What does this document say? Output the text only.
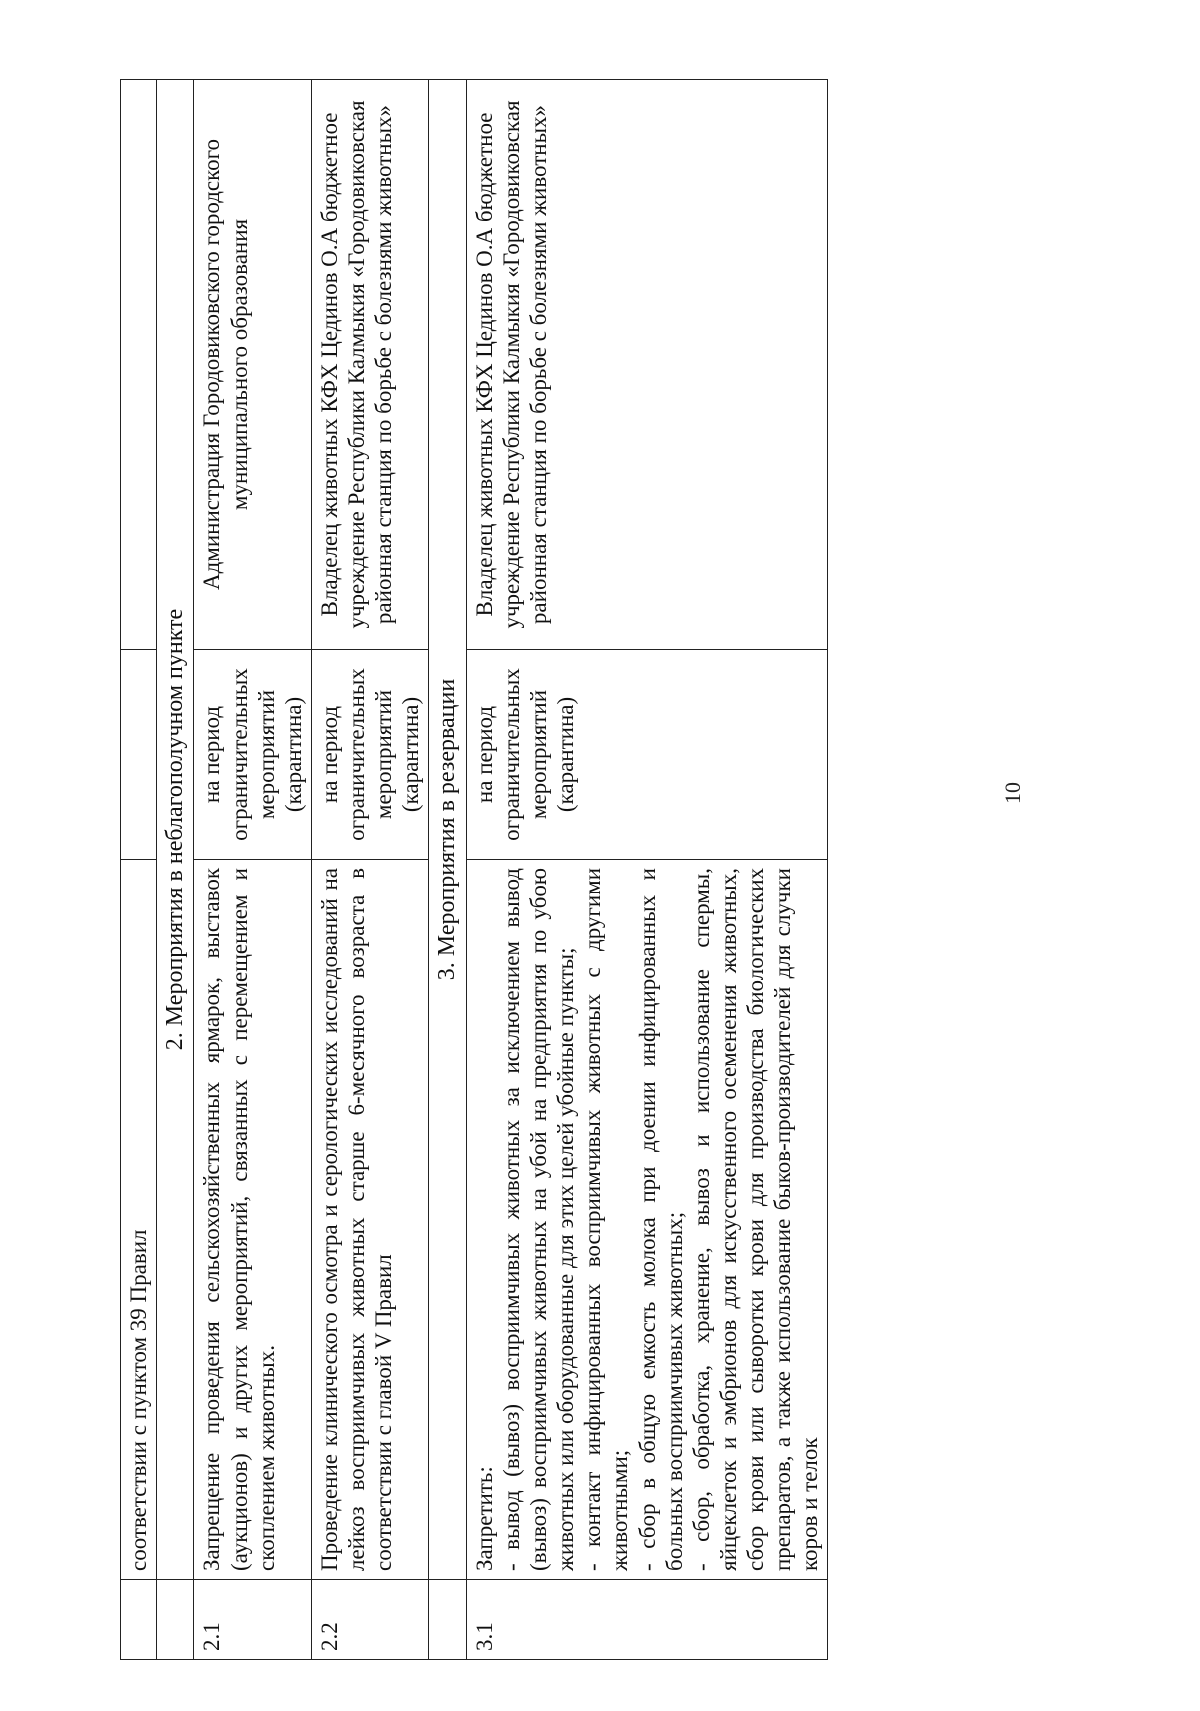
	соответствии с пунктом 39 Правил		
	2. Мероприятия в неблагополучном пункте		
2.1	Запрещение проведения сельскохозяйственных ярмарок, выставок (аукционов) и других мероприятий, связанных с перемещением и скоплением животных.	на период ограничительных мероприятий (карантина)	Администрация Городовиковского городского муниципального образования
2.2	Проведение клинического осмотра и серологических исследований на лейкоз восприимчивых животных старше 6-месячного возраста в соответствии с главой V Правил	на период ограничительных мероприятий (карантина)	Владелец животных КФХ Цединов О.А бюджетное учреждение Республики Калмыкия «Городовиковская районная станция по борьбе с болезнями животных»
	3. Мероприятия в резервации		
3.1	Запретить: - вывод (вывоз) восприимчивых животных за исключением вывод (вывоз) восприимчивых животных на убой на предприятия по убою животных или оборудованные для этих целей убойные пункты; - контакт инфицированных восприимчивых животных с другими животными; - сбор в общую емкость молока при доении инфицированных и больных восприимчивых животных; - сбор, обработка, хранение, вывоз и использование спермы, яйцеклеток и эмбрионов для искусственного осеменения животных, сбор крови или сыворотки крови для производства биологических препаратов, а также использование быков-производителей для случки коров и телок	на период ограничительных мероприятий (карантина)	Владелец животных КФХ Цединов О.А бюджетное учреждение Республики Калмыкия «Городовиковская районная станция по борьбе с болезнями животных»
10
